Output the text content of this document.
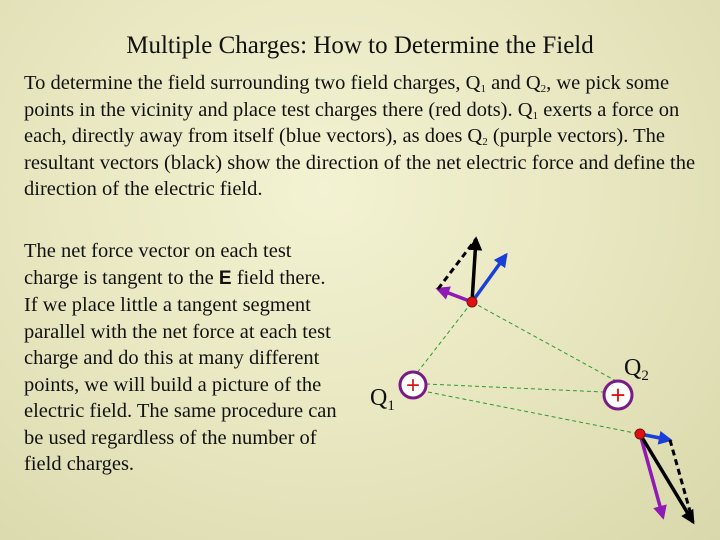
Multiple Charges: How to Determine the Field
To determine the field surrounding two field charges, $Q_1$ and $Q_2$, we pick some points in the vicinity and place test charges there (red dots). $Q_1$ exerts a force on each, directly away from itself (blue vectors), as does $Q_2$ (purple vectors). The resultant vectors (black) show the direction of the net electric force and define the direction of the electric field.
The net force vector on each test charge is tangent to the E field there. If we place little a tangent segment parallel with the net force at each test charge and do this at many different points, we will build a picture of the electric field. The same procedure can be used regardless of the number of field charges.
+
$Q_1$	+
$Q_2$
